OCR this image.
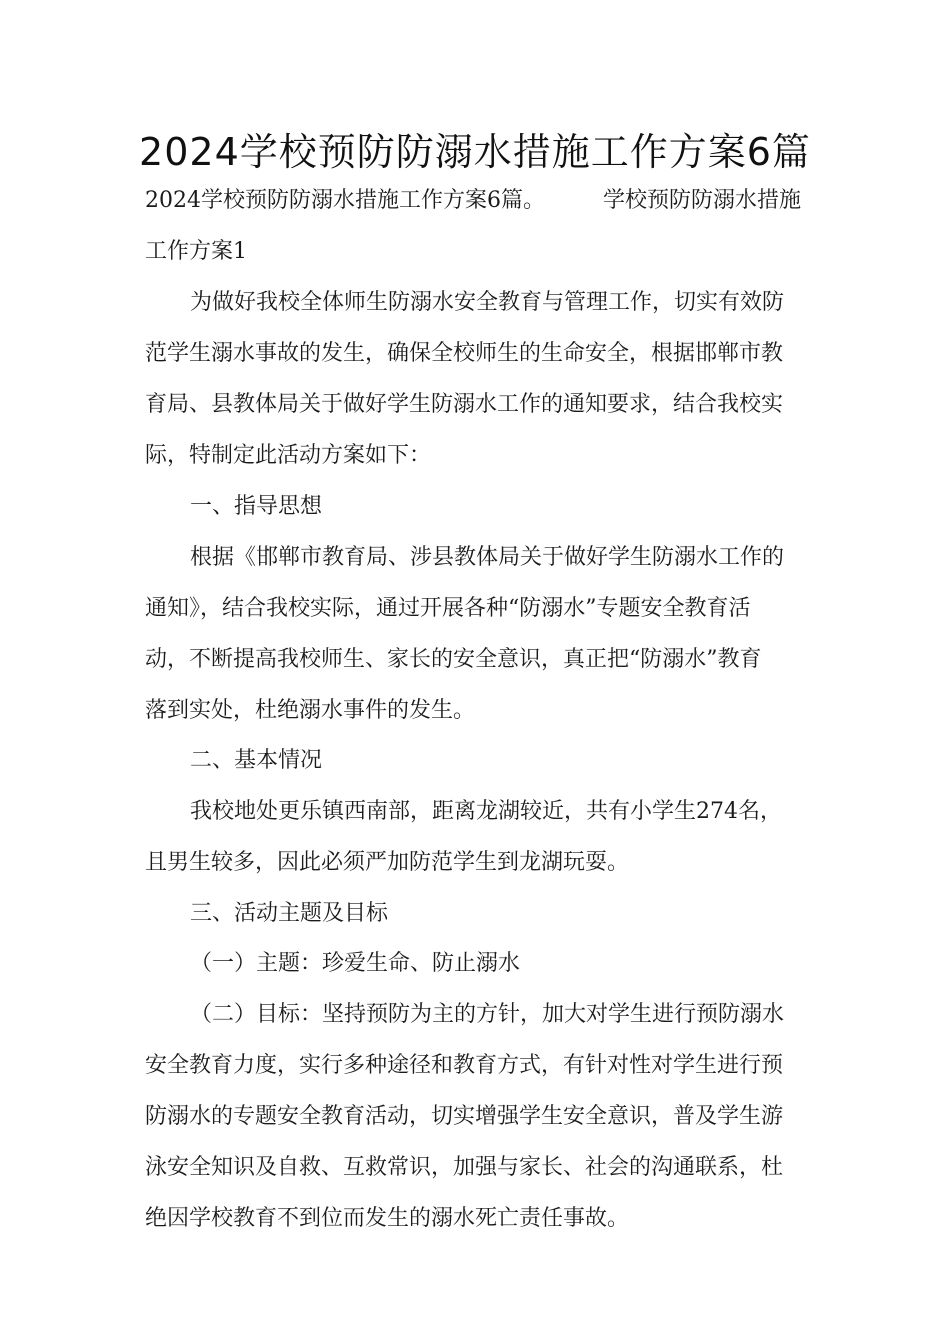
2024学校预防防溺水措施工作方案6篇
2024学校预防防溺水措施工作方案6篇。	学校预防防溺水措施
工作方案1
为做好我校全体师生防溺水安全教育与管理工作，切实有效防
范学生溺水事故的发生，确保全校师生的生命安全，根据邯郸市教
育局、县教体局关于做好学生防溺水工作的通知要求，结合我校实
际，特制定此活动方案如下：
一、指导思想
根据《邯郸市教育局、涉县教体局关于做好学生防溺水工作的
通知》，结合我校实际，通过开展各种“防溺水”专题安全教育活
动，不断提高我校师生、家长的安全意识，真正把“防溺水”教育
落到实处，杜绝溺水事件的发生。
二、基本情况
我校地处更乐镇西南部，距离龙湖较近，共有小学生274名，
且男生较多，因此必须严加防范学生到龙湖玩耍。
三、活动主题及目标
（一）主题：珍爱生命、防止溺水
（二）目标：坚持预防为主的方针，加大对学生进行预防溺水
安全教育力度，实行多种途径和教育方式，有针对性对学生进行预
防溺水的专题安全教育活动，切实增强学生安全意识，普及学生游
泳安全知识及自救、互救常识，加强与家长、社会的沟通联系，杜
绝因学校教育不到位而发生的溺水死亡责任事故。
